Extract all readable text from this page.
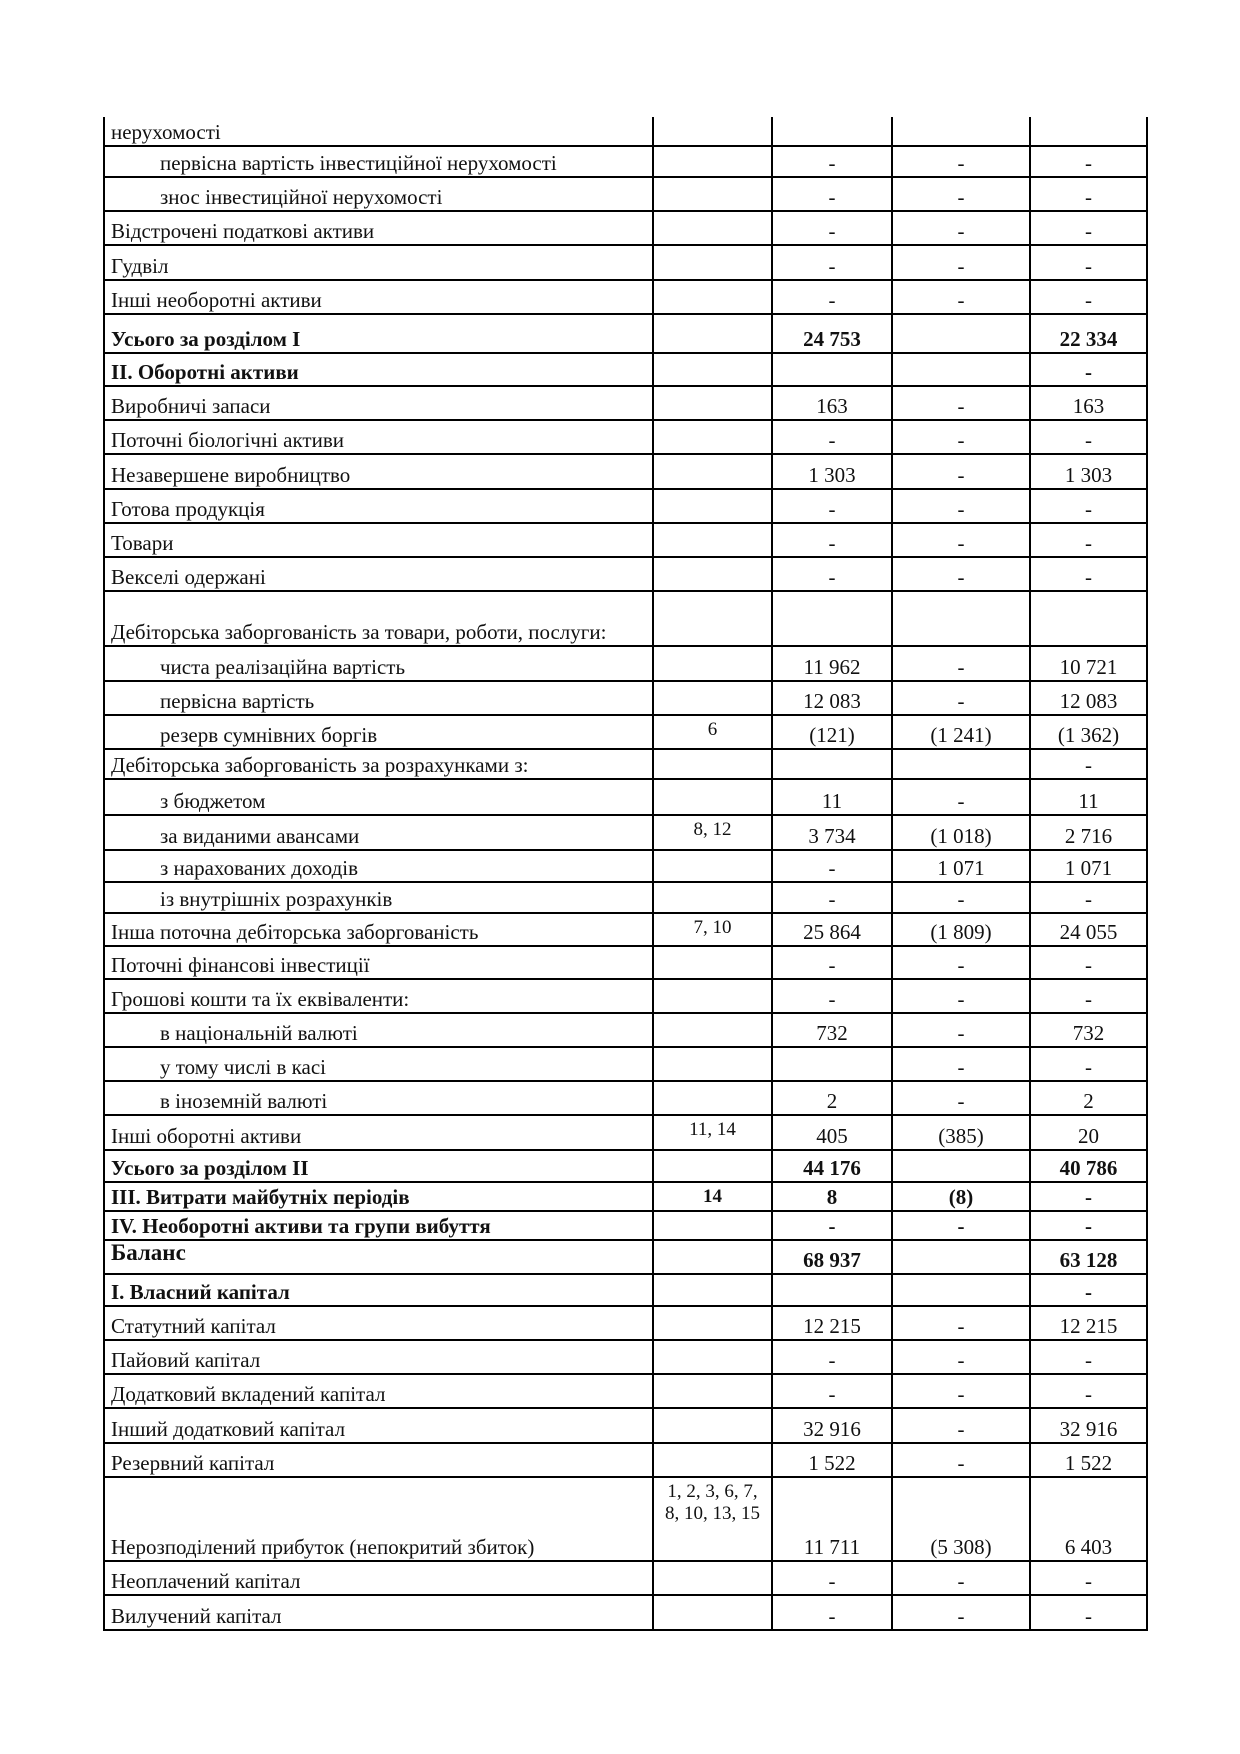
нерухомості				
первісна вартість інвестиційної нерухомості		-	-	-
знос інвестиційної нерухомості		-	-	-
Відстрочені податкові активи		-	-	-
Гудвіл		-	-	-
Інші необоротні активи		-	-	-
Усього за розділом І		24 753		22 334
ІІ. Оборотні активи				-
Виробничі запаси		163	-	163
Поточні біологічні активи		-	-	-
Незавершене виробництво		1 303	-	1 303
Готова продукція		-	-	-
Товари		-	-	-
Векселі одержані		-	-	-
Дебіторська заборгованість за товари, роботи, послуги:				
чиста реалізаційна вартість		11 962	-	10 721
первісна вартість		12 083	-	12 083
резерв сумнівних боргів	6	(121)	(1 241)	(1 362)
Дебіторська заборгованість за розрахунками з:				-
з бюджетом		11	-	11
за виданими авансами	8, 12	3 734	(1 018)	2 716
з нарахованих доходів		-	1 071	1 071
із внутрішніх розрахунків		-	-	-
Інша поточна дебіторська заборгованість	7, 10	25 864	(1 809)	24 055
Поточні фінансові інвестиції		-	-	-
Грошові кошти та їх еквіваленти:		-	-	-
в національній валюті		732	-	732
у тому числі в касі			-	-
в іноземній валюті		2	-	2
Інші оборотні активи	11, 14	405	(385)	20
Усього за розділом ІІ		44 176		40 786
ІІІ. Витрати майбутніх періодів	14	8	(8)	-
IV. Необоротні активи та групи вибуття		-	-	-
Баланс		68 937		63 128
І. Власний капітал				-
Статутний капітал		12 215	-	12 215
Пайовий капітал		-	-	-
Додатковий вкладений капітал		-	-	-
Інший додатковий капітал		32 916	-	32 916
Резервний капітал		1 522	-	1 522
Нерозподілений прибуток (непокритий збиток)	1, 2, 3, 6, 7, 8, 10, 13, 15	11 711	(5 308)	6 403
Неоплачений капітал		-	-	-
Вилучений капітал		-	-	-
